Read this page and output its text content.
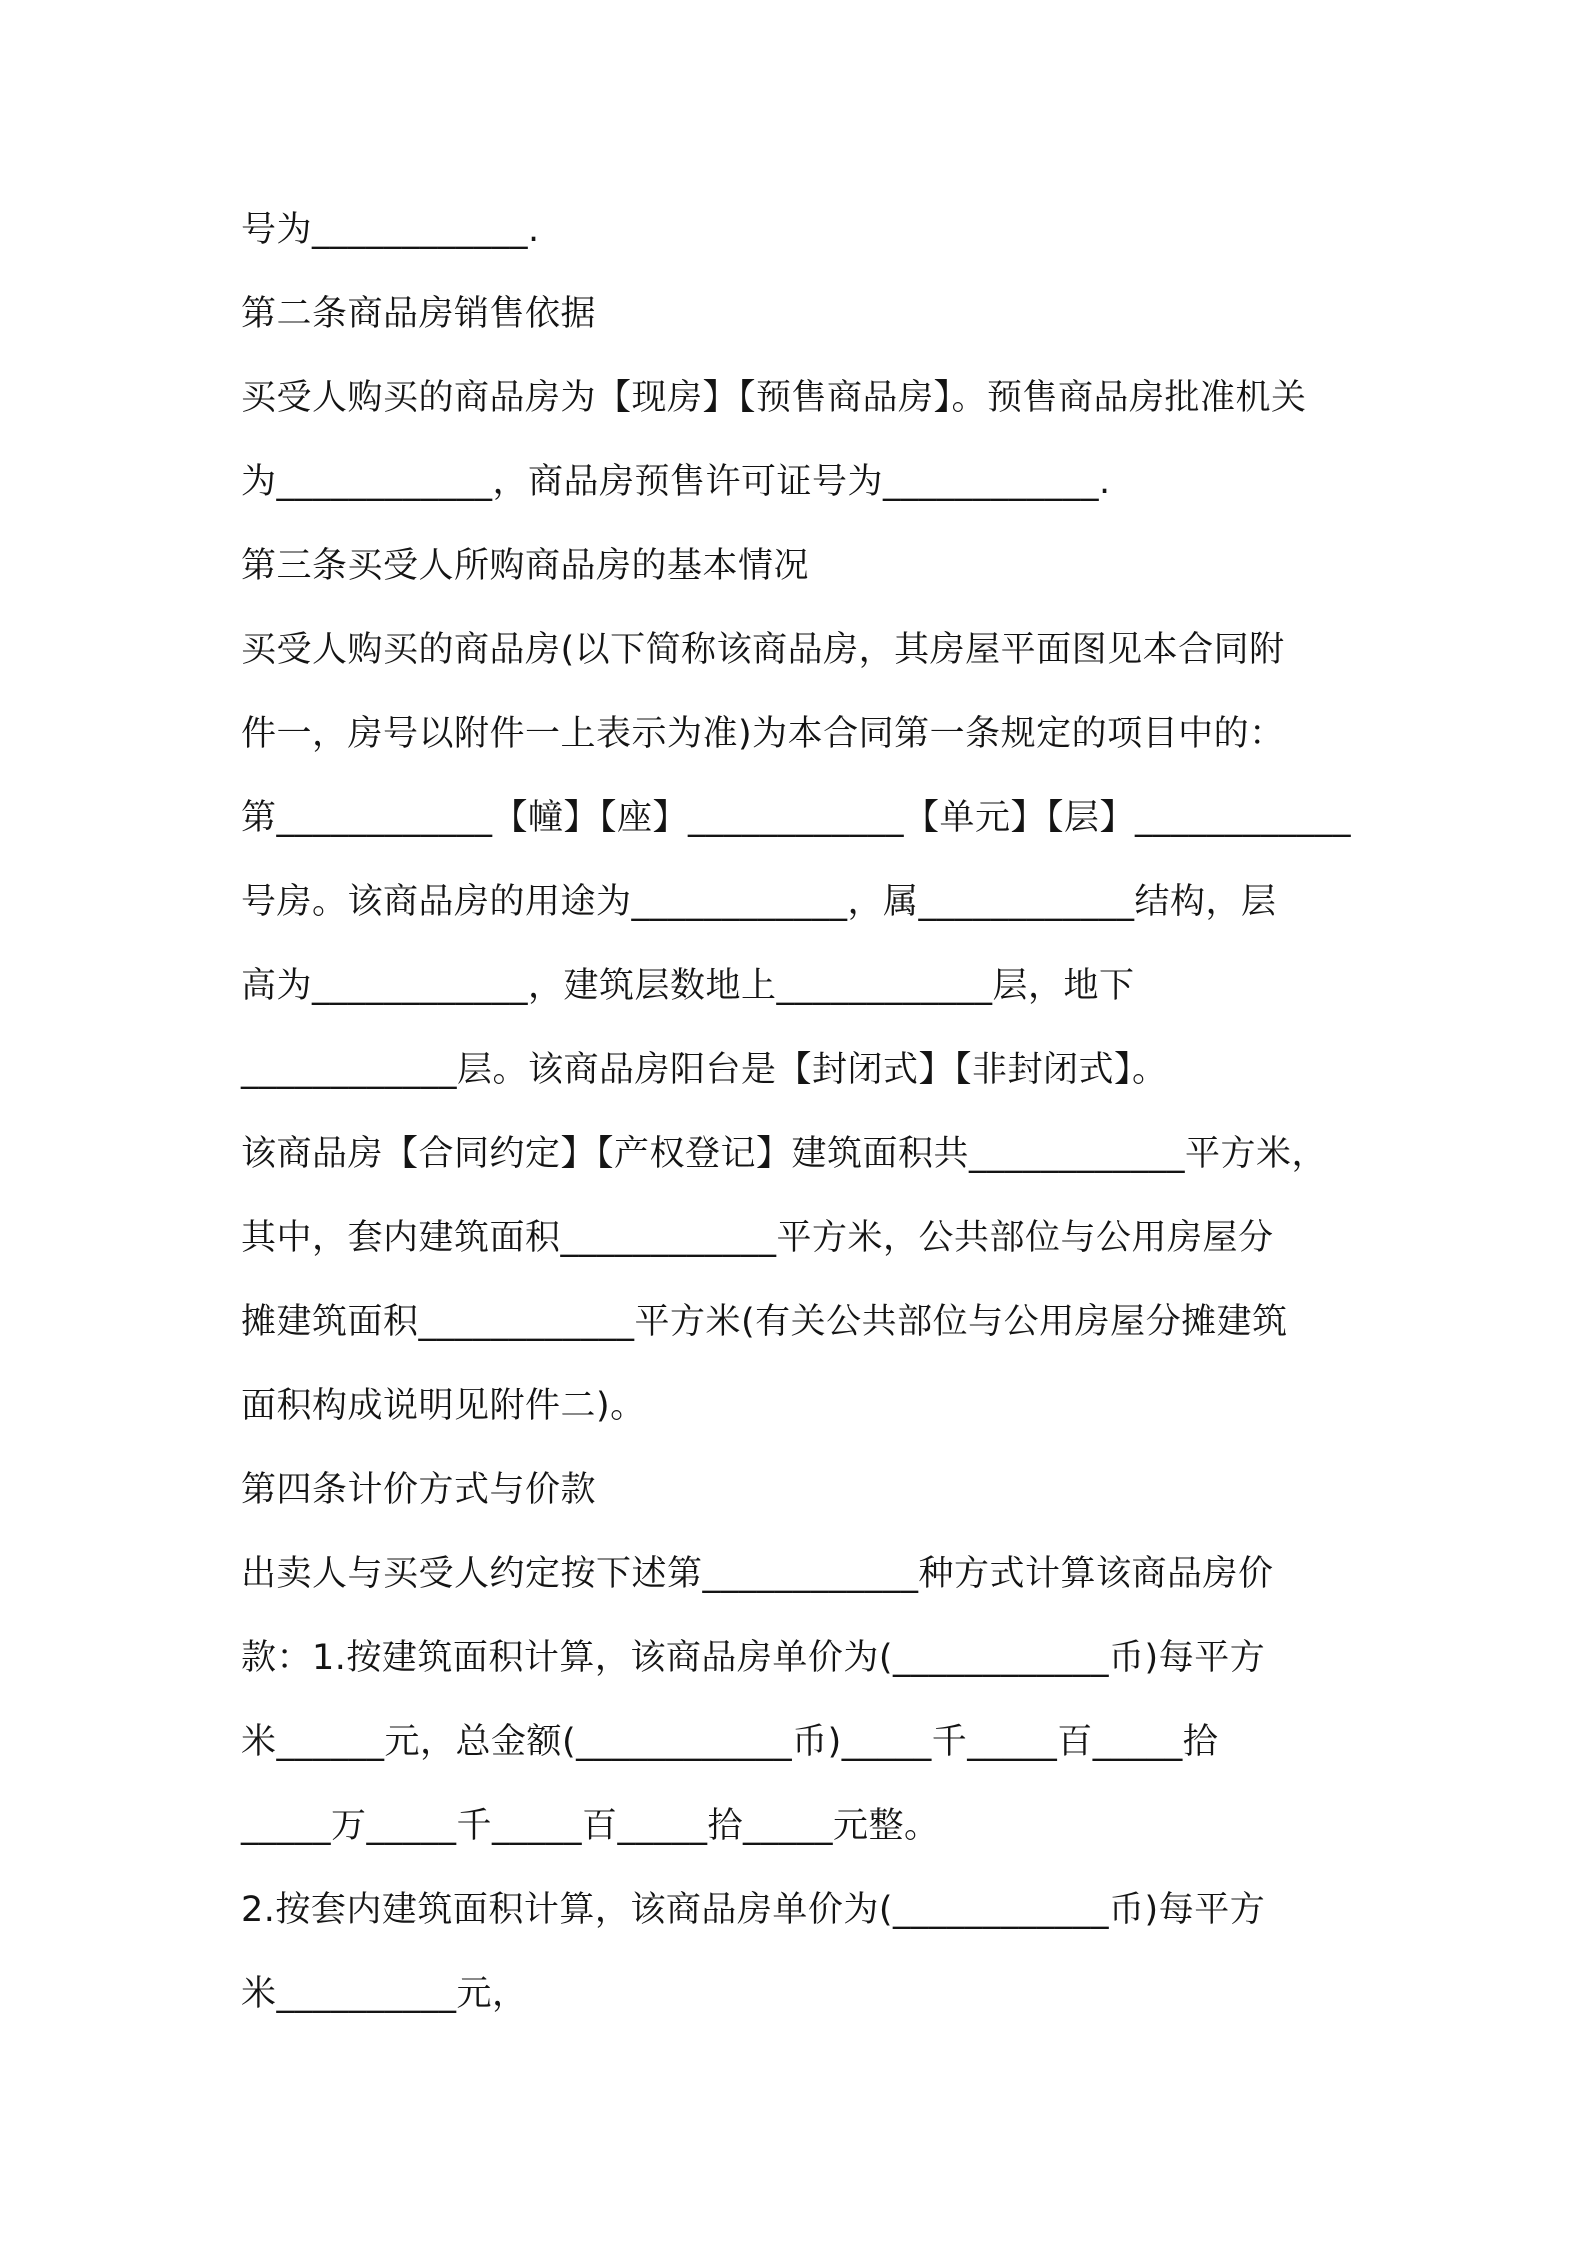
号为____________.

第二条商品房销售依据

买受人购买的商品房为【现房】【预售商品房】。预售商品房批准机关

为____________，商品房预售许可证号为____________.

第三条买受人所购商品房的基本情况

买受人购买的商品房(以下简称该商品房，其房屋平面图见本合同附

件一，房号以附件一上表示为准)为本合同第一条规定的项目中的：

第____________【幢】【座】____________【单元】【层】____________

号房。该商品房的用途为____________，属____________结构，层

高为____________，建筑层数地上____________层，地下

____________层。该商品房阳台是【封闭式】【非封闭式】。

该商品房【合同约定】【产权登记】建筑面积共____________平方米，

其中，套内建筑面积____________平方米，公共部位与公用房屋分

摊建筑面积____________平方米(有关公共部位与公用房屋分摊建筑

面积构成说明见附件二)。

第四条计价方式与价款

出卖人与买受人约定按下述第____________种方式计算该商品房价

款：1.按建筑面积计算，该商品房单价为(____________币)每平方

米______元，总金额(____________币)_____千_____百_____拾

_____万_____千_____百_____拾_____元整。

2.按套内建筑面积计算，该商品房单价为(____________币)每平方

米__________元，
